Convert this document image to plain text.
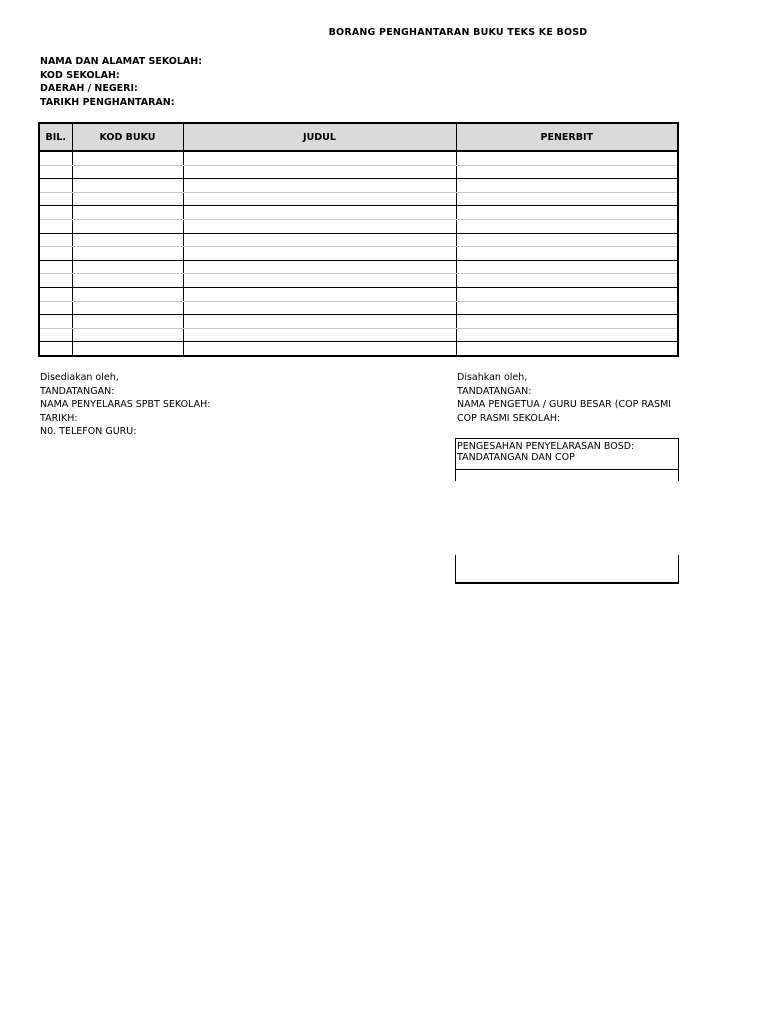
BORANG PENGHANTARAN BUKU TEKS KE BOSD
NAMA DAN ALAMAT SEKOLAH:
KOD SEKOLAH:
DAERAH / NEGERI:
TARIKH PENGHANTARAN:
BIL.	KOD BUKU	JUDUL	PENERBIT

Disediakan oleh,
TANDATANGAN:
NAMA PENYELARAS SPBT SEKOLAH:
TARIKH:
N0. TELEFON GURU:
Disahkan oleh,
TANDATANGAN:
NAMA PENGETUA / GURU BESAR (COP RASMI
COP RASMI SEKOLAH:
PENGESAHAN PENYELARASAN BOSD:
TANDATANGAN DAN COP
